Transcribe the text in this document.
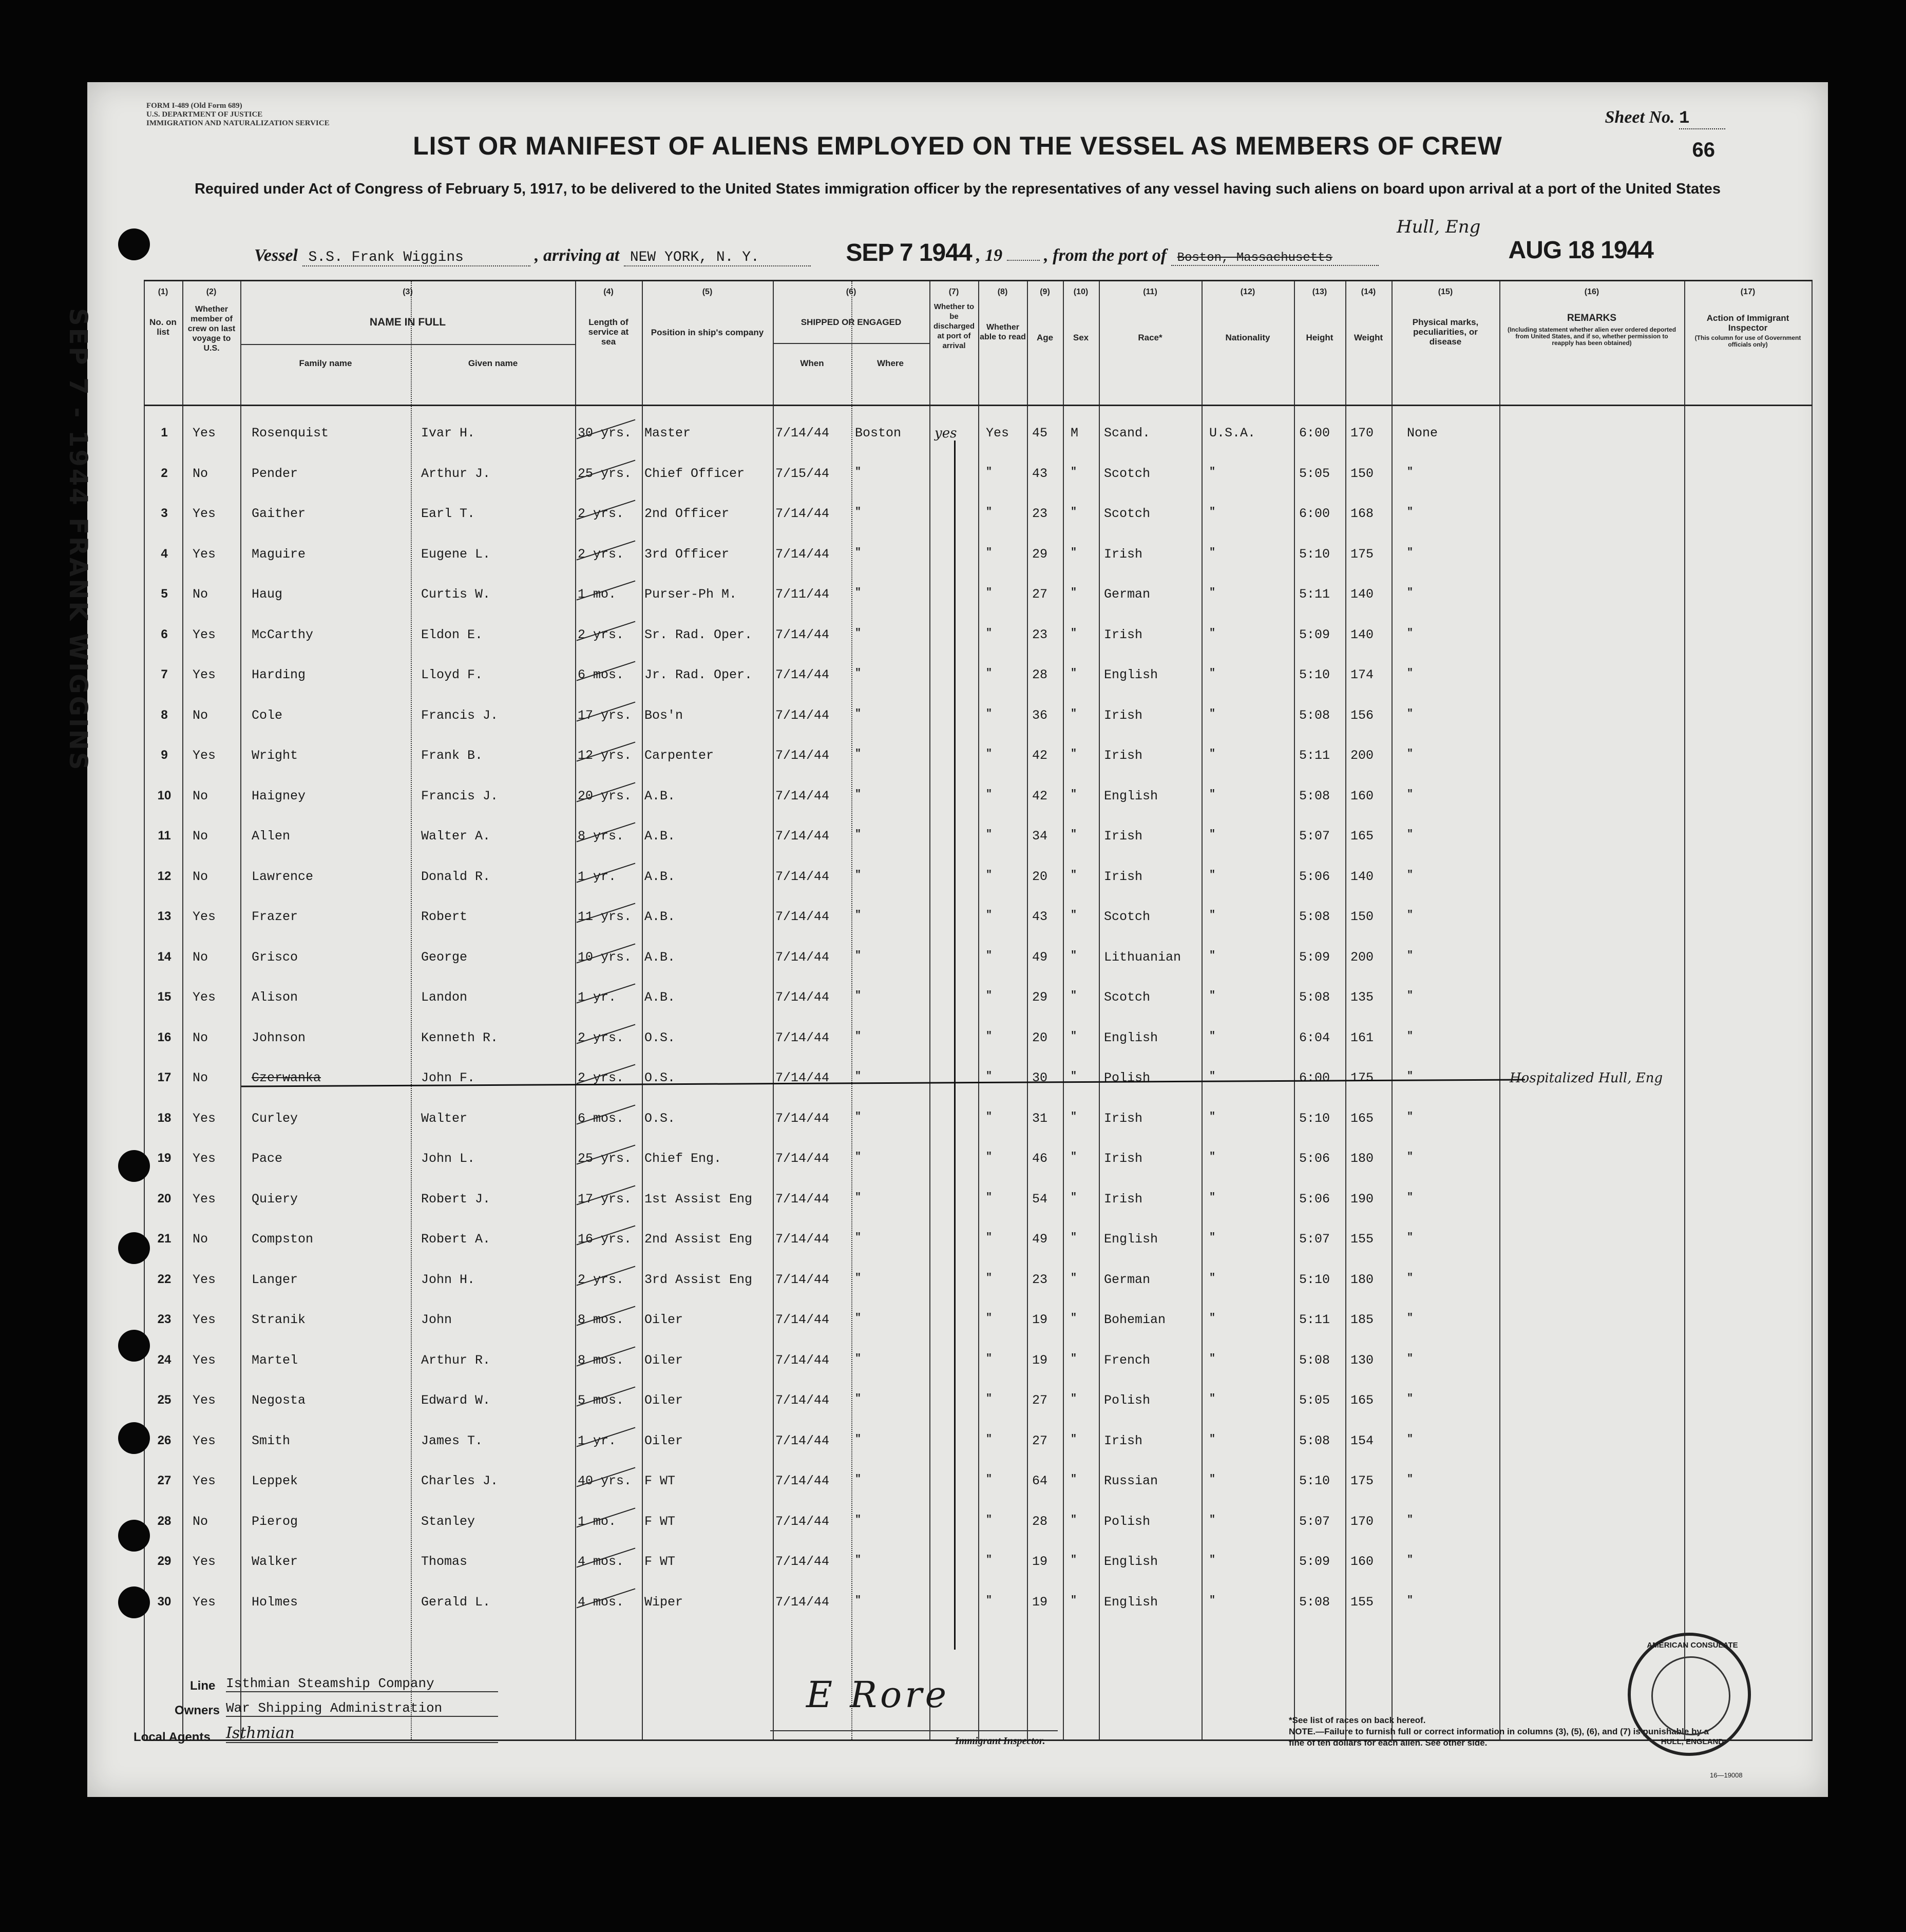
FORM I-489 (Old Form 689)
U.S. DEPARTMENT OF JUSTICE
IMMIGRATION AND NATURALIZATION SERVICE	Sheet No. 1
66
LIST OR MANIFEST OF ALIENS EMPLOYED ON THE VESSEL AS MEMBERS OF CREW
Required under Act of Congress of February 5, 1917, to be delivered to the United States immigration officer by the representatives of any vessel having such aliens on board upon arrival at a port of the United States
Vessel S.S. Frank Wiggins	, arriving at NEW YORK, N. Y.	SEP 7 1944 , 19 , from the port of Boston, Massachusetts
Hull, Eng
AUG 18 1944
SEP 7 - 1944 FRANK WIGGINS
(1)	(2)	(3)	(4)	(5)	(6)	(7)	(8)	(9)	(10)	(11)	(12)	(13)	(14)	(15)	(16)	(17)
No. on list
Whether member of crew on last voyage to U.S.
NAME IN FULL
Family name	Given name
Length of service at sea
Position in ship's company
SHIPPED OR ENGAGED
When	Where
Whether to be discharged at port of arrival
Whether able to read	Age	Sex	Race*	Nationality	Height	Weight
Physical marks, peculiarities, or disease
REMARKS
(Including statement whether alien ever ordered deported from United States, and if so, whether permission to reapply has been obtained)
Action of Immigrant Inspector
(This column for use of Government officials only)
1	Yes	Rosenquist	Ivar H.	30 yrs. Master	7/14/44	Boston	yes	Yes	45	M	Scand.	U.S.A.	6:00	170	None
2	No	Pender	Arthur J.	25 yrs. Chief Officer	7/15/44	"	"	43	"	Scotch	"	5:05	150	"
3	Yes	Gaither	Earl T.	2 yrs.	2nd Officer	7/14/44	"	"	23	"	Scotch	"	6:00	168	"
4	Yes	Maguire	Eugene L.	2 yrs.	3rd Officer	7/14/44	"	"	29	"	Irish	"	5:10	175	"
5	No	Haug	Curtis W.	1 mo.	Purser-Ph M.	7/11/44	"	"	27	"	German	"	5:11	140	"
6	Yes	McCarthy	Eldon E.	2 yrs.	Sr. Rad. Oper.	7/14/44	"	"	23	"	Irish	"	5:09	140	"
7	Yes	Harding	Lloyd F.	6 mos.	Jr. Rad. Oper.	7/14/44	"	"	28	"	English	"	5:10	174	"
8	No	Cole	Francis J.	17 yrs. Bos'n	7/14/44	"	"	36	"	Irish	"	5:08	156	"
9	Yes	Wright	Frank B.	12 yrs. Carpenter	7/14/44	"	"	42	"	Irish	"	5:11	200	"
10	No	Haigney	Francis J.	20 yrs. A.B.	7/14/44	"	"	42	"	English	"	5:08	160	"
11	No	Allen	Walter A.	8 yrs.	A.B.	7/14/44	"	"	34	"	Irish	"	5:07	165	"
12	No	Lawrence	Donald R.	1 yr.	A.B.	7/14/44	"	"	20	"	Irish	"	5:06	140	"
13	Yes	Frazer	Robert	11 yrs. A.B.	7/14/44	"	"	43	"	Scotch	"	5:08	150	"
14	No	Grisco	George	10 yrs. A.B.	7/14/44	"	"	49	"	Lithuanian	"	5:09	200	"
15	Yes	Alison	Landon	1 yr.	A.B.	7/14/44	"	"	29	"	Scotch	"	5:08	135	"
16	No	Johnson	Kenneth R.	2 yrs.	O.S.	7/14/44	"	"	20	"	English	"	6:04	161	"
17	No	Czerwanka	John F.	2 yrs.	O.S.	7/14/44	"	"	30	"	Polish	"	6:00	175	"	Hospitalized Hull, Eng
18	Yes	Curley	Walter	6 mos.	O.S.	7/14/44	"	"	31	"	Irish	"	5:10	165	"
19	Yes	Pace	John L.	25 yrs. Chief Eng.	7/14/44	"	"	46	"	Irish	"	5:06	180	"
20	Yes	Quiery	Robert J.	17 yrs. 1st Assist Eng	7/14/44	"	"	54	"	Irish	"	5:06	190	"
21	No	Compston	Robert A.	16 yrs. 2nd Assist Eng	7/14/44	"	"	49	"	English	"	5:07	155	"
22	Yes	Langer	John H.	2 yrs.	3rd Assist Eng	7/14/44	"	"	23	"	German	"	5:10	180	"
23	Yes	Stranik	John	8 mos.	Oiler	7/14/44	"	"	19	"	Bohemian	"	5:11	185	"
24	Yes	Martel	Arthur R.	8 mos.	Oiler	7/14/44	"	"	19	"	French	"	5:08	130	"
25	Yes	Negosta	Edward W.	5 mos.	Oiler	7/14/44	"	"	27	"	Polish	"	5:05	165	"
26	Yes	Smith	James T.	1 yr.	Oiler	7/14/44	"	"	27	"	Irish	"	5:08	154	"
27	Yes	Leppek	Charles J.	40 yrs. F WT	7/14/44	"	"	64	"	Russian	"	5:10	175	"
28	No	Pierog	Stanley	1 mo.	F WT	7/14/44	"	"	28	"	Polish	"	5:07	170	"
29	Yes	Walker	Thomas	4 mos.	F WT	7/14/44	"	"	19	"	English	"	5:09	160	"
30	Yes	Holmes	Gerald L.	4 mos.	Wiper	7/14/44	"	"	19	"	English	"	5:08	155	"
Line Isthmian Steamship Company
Owners War Shipping Administration
Local Agents Isthmian
E Rore
Immigrant Inspector.
*See list of races on back hereof.
NOTE.—Failure to furnish full or correct information in columns (3), (5), (6), and (7) is punishable by a fine of ten dollars for each alien. See other side.
AMERICAN CONSULATE
HULL, ENGLAND
16—19008
